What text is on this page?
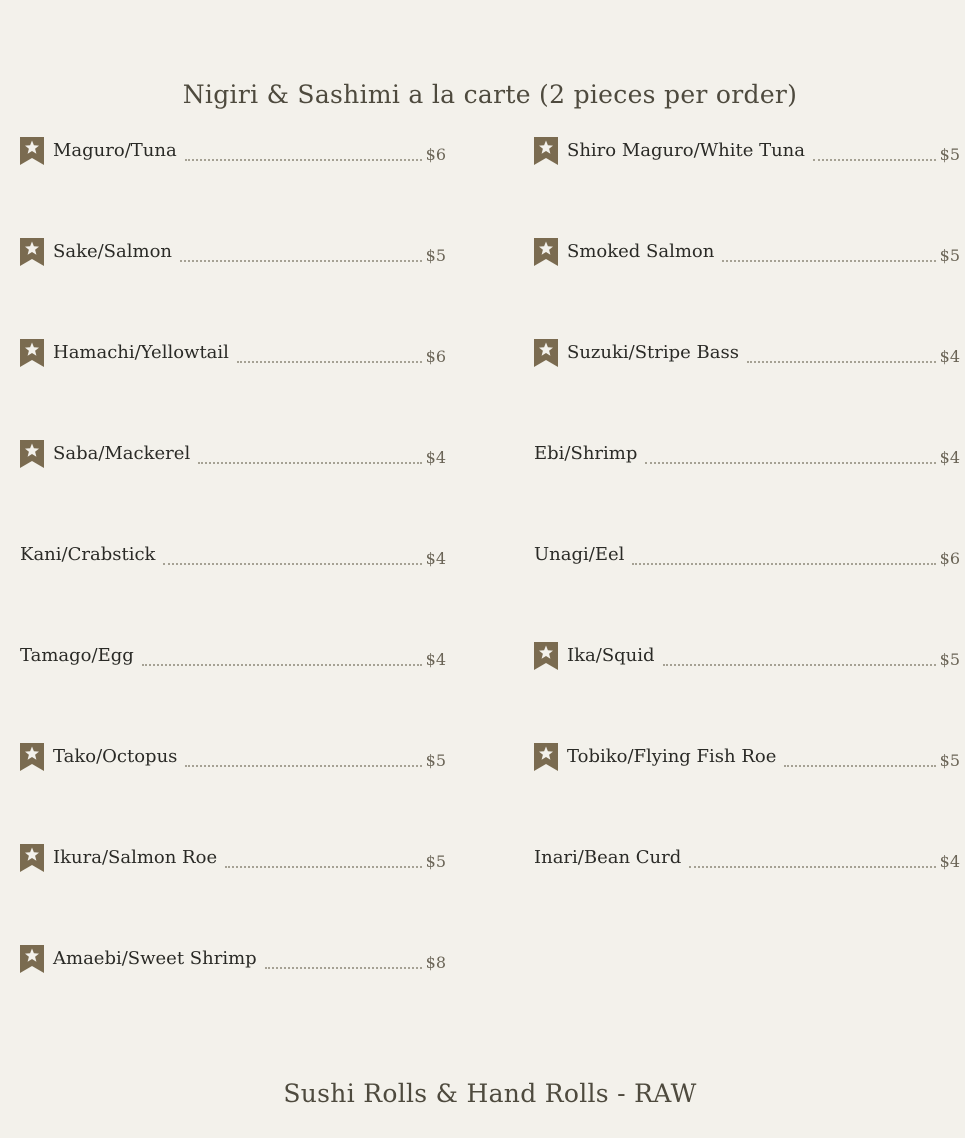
Nigiri & Sashimi a la carte (2 pieces per order)
Maguro/Tuna	$6
Sake/Salmon	$5
Hamachi/Yellowtail	$6
Saba/Mackerel	$4
Kani/Crabstick	$4
Tamago/Egg	$4
Tako/Octopus	$5
Ikura/Salmon Roe	$5
Amaebi/Sweet Shrimp	$8
Shiro Maguro/White Tuna	$5
Smoked Salmon	$5
Suzuki/Stripe Bass	$4
Ebi/Shrimp	$4
Unagi/Eel	$6
Ika/Squid	$5
Tobiko/Flying Fish Roe	$5
Inari/Bean Curd	$4
Sushi Rolls & Hand Rolls - RAW
